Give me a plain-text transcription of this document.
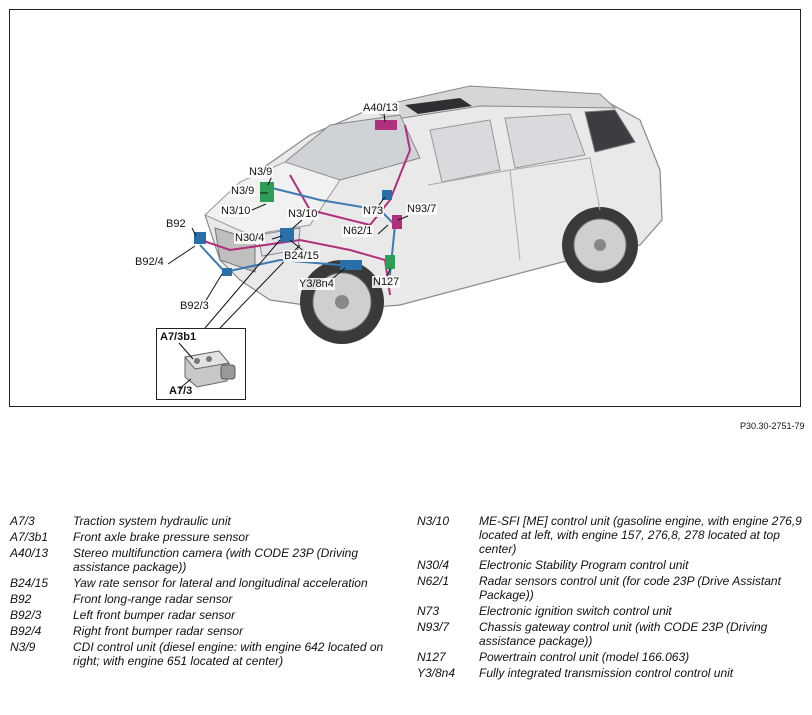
A40/13
N3/9
N3/9
N3/10	N3/10	N73 N93/7
B92
N30/4
N62/1
B24/15
B92/4
Y3/8n4	N127
B92/3
A7/3b1
A7/3
P30.30-2751-79
A7/3	Traction system hydraulic unit
A7/3b1	Front axle brake pressure sensor
A40/13	Stereo multifunction camera (with CODE 23P (Driving assistance package))
B24/15	Yaw rate sensor for lateral and longitudinal acceleration
B92	Front long-range radar sensor
B92/3	Left front bumper radar sensor
B92/4	Right front bumper radar sensor
N3/9	CDI control unit (diesel engine: with engine 642 located on right; with engine 651 located at center)
N3/10	ME-SFI [ME] control unit (gasoline engine, with engine 276,9 located at left, with engine 157, 276,8, 278 located at top center)
N30/4	Electronic Stability Program control unit
N62/1	Radar sensors control unit (for code 23P (Drive Assistant Package))
N73	Electronic ignition switch control unit
N93/7	Chassis gateway control unit (with CODE 23P (Driving assistance package))
N127	Powertrain control unit (model 166.063)
Y3/8n4	Fully integrated transmission control control unit
